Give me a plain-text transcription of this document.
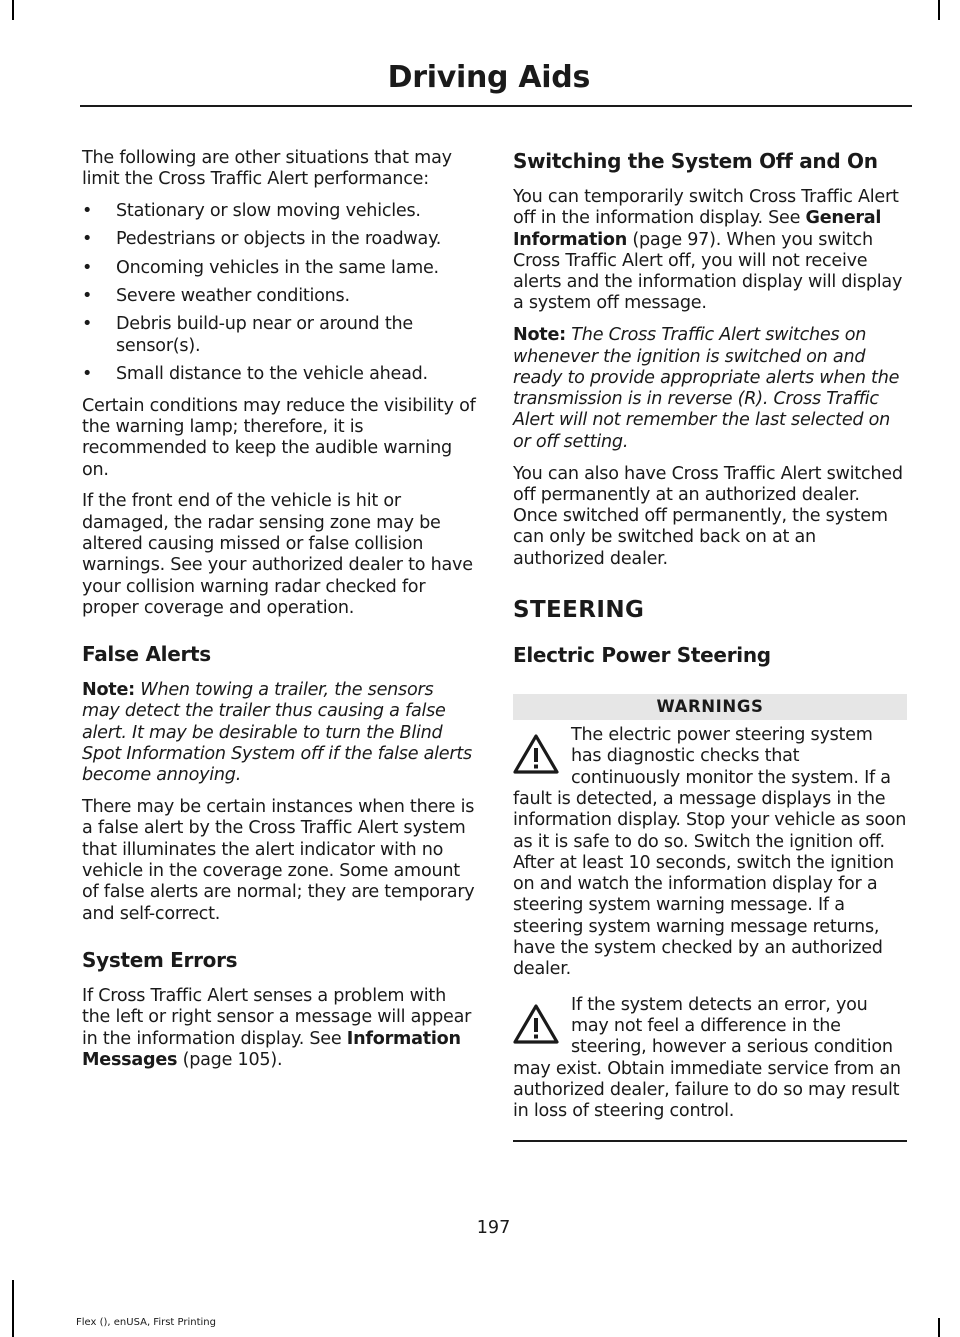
Driving Aids

The following are other situations that may limit the Cross Traffic Alert performance:

• Stationary or slow moving vehicles.
• Pedestrians or objects in the roadway.
• Oncoming vehicles in the same lame.
• Severe weather conditions.
• Debris build-up near or around the sensor(s).
• Small distance to the vehicle ahead.

Certain conditions may reduce the visibility of the warning lamp; therefore, it is recommended to keep the audible warning on.

If the front end of the vehicle is hit or damaged, the radar sensing zone may be altered causing missed or false collision warnings. See your authorized dealer to have your collision warning radar checked for proper coverage and operation.

False Alerts

Note: When towing a trailer, the sensors may detect the trailer thus causing a false alert. It may be desirable to turn the Blind Spot Information System off if the false alerts become annoying.

There may be certain instances when there is a false alert by the Cross Traffic Alert system that illuminates the alert indicator with no vehicle in the coverage zone. Some amount of false alerts are normal; they are temporary and self-correct.

System Errors

If Cross Traffic Alert senses a problem with the left or right sensor a message will appear in the information display. See Information Messages (page 105).

Switching the System Off and On

You can temporarily switch Cross Traffic Alert off in the information display. See General Information (page 97). When you switch Cross Traffic Alert off, you will not receive alerts and the information display will display a system off message.

Note: The Cross Traffic Alert switches on whenever the ignition is switched on and ready to provide appropriate alerts when the transmission is in reverse (R). Cross Traffic Alert will not remember the last selected on or off setting.

You can also have Cross Traffic Alert switched off permanently at an authorized dealer. Once switched off permanently, the system can only be switched back on at an authorized dealer.

STEERING
Electric Power Steering
WARNINGS

The electric power steering system has diagnostic checks that continuously monitor the system. If a fault is detected, a message displays in the information display. Stop your vehicle as soon as it is safe to do so. Switch the ignition off. After at least 10 seconds, switch the ignition on and watch the information display for a steering system warning message. If a steering system warning message returns, have the system checked by an authorized dealer.

If the system detects an error, you may not feel a difference in the steering, however a serious condition may exist. Obtain immediate service from an authorized dealer, failure to do so may result in loss of steering control.

197
Flex (), enUSA, First Printing
